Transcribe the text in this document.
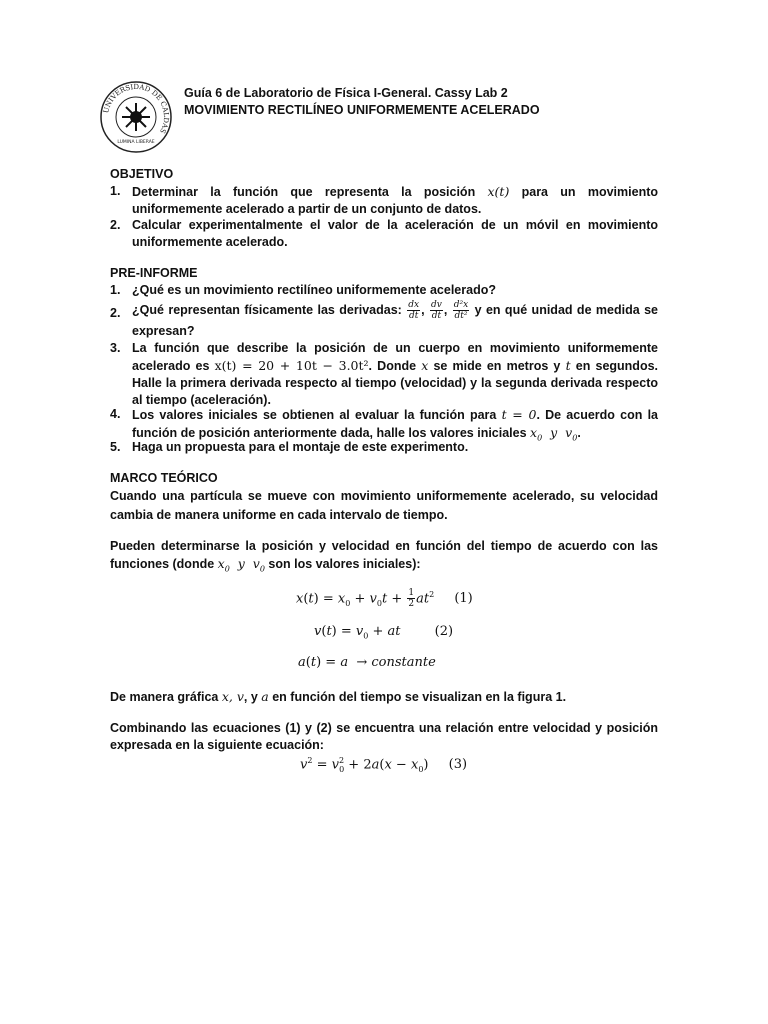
UNIVERSIDAD DE CALDAS
LUMINA LIBERAE
Guía 6 de Laboratorio de Física I-General. Cassy Lab 2
MOVIMIENTO RECTILÍNEO UNIFORMEMENTE ACELERADO
OBJETIVO
1. Determinar la función que representa la posición x(t) para un movimiento uniformemente acelerado a partir de un conjunto de datos.
2. Calcular experimentalmente el valor de la aceleración de un móvil en movimiento uniformemente acelerado.
PRE-INFORME
1. ¿Qué es un movimiento rectilíneo uniformemente acelerado?
2. ¿Qué representan físicamente las derivadas: $\frac{dx}{dt}$ , $\frac{dv}{dt}$ , $\frac{\text{d²x}}{\text{dt²}}$ y en qué unidad de medida se expresan?
3. La función que describe la posición de un cuerpo en movimiento uniformemente acelerado es x(t) = 20 + 10t − 3.0t². Donde x se mide en metros y t en segundos. Halle la primera derivada respecto al tiempo (velocidad) y la segunda derivada respecto al tiempo (aceleración).
4. Los valores iniciales se obtienen al evaluar la función para t = 0. De acuerdo con la función de posición anteriormente dada, halle los valores iniciales $x_0$  y  $v_0$.
5. Haga un propuesta para el montaje de este experimento.
MARCO TEÓRICO
Cuando una partícula se mueve con movimiento uniformemente acelerado, su velocidad cambia de manera uniforme en cada intervalo de tiempo.
Pueden determinarse la posición y velocidad en función del tiempo de acuerdo con las funciones (donde $x_0$  y  $v_0$ son los valores iniciales):
$x(t) = x_0 + v_0t + \frac{1}{2} at^2$ (1)
$v(t) = v_0$ + at (2)
a(t) = a  → constante
De manera gráfica x, v, y a en función del tiempo se visualizan en la figura 1.
Combinando las ecuaciones (1) y (2) se encuentra una relación entre velocidad y posición expresada en la siguiente ecuación:
$v^2 = v^2_0 + 2a(x - x_0)$ (3)
